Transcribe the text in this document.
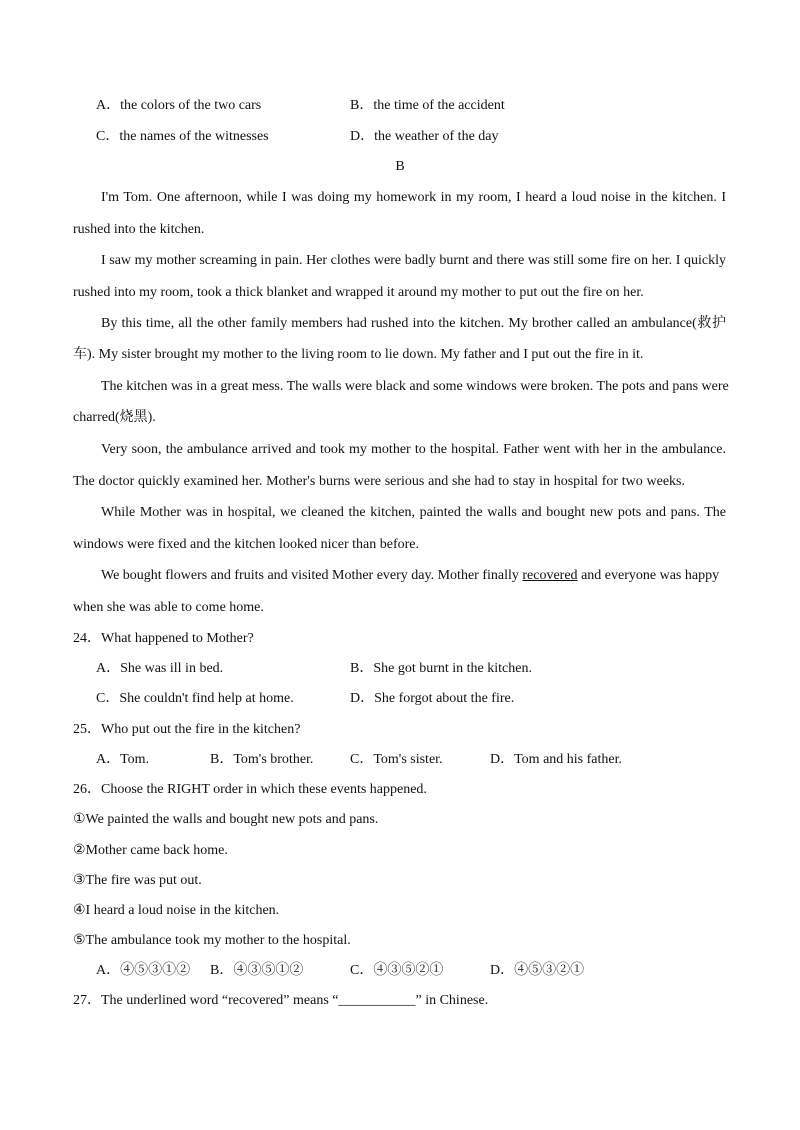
A．the colors of the two cars	B．the time of the accident
C．the names of the witnesses	D．the weather of the day
B
I'm Tom. One afternoon, while I was doing my homework in my room, I heard a loud noise in the kitchen. I
rushed into the kitchen.
I saw my mother screaming in pain. Her clothes were badly burnt and there was still some fire on her. I quickly
rushed into my room, took a thick blanket and wrapped it around my mother to put out the fire on her.
By this time, all the other family members had rushed into the kitchen. My brother called an ambulance(救护
车). My sister brought my mother to the living room to lie down. My father and I put out the fire in it.
The kitchen was in a great mess. The walls were black and some windows were broken. The pots and pans were
charred(烧黑).
Very soon, the ambulance arrived and took my mother to the hospital. Father went with her in the ambulance.
The doctor quickly examined her. Mother's burns were serious and she had to stay in hospital for two weeks.
While Mother was in hospital, we cleaned the kitchen, painted the walls and bought new pots and pans. The
windows were fixed and the kitchen looked nicer than before.
We bought flowers and fruits and visited Mother every day. Mother finally recovered and everyone was happy
when she was able to come home.
24．What happened to Mother?
A．She was ill in bed.	B．She got burnt in the kitchen.
C．She couldn't find help at home.	D．She forgot about the fire.
25．Who put out the fire in the kitchen?
A．Tom.	B．Tom's brother.	C．Tom's sister.	D．Tom and his father.
26．Choose the RIGHT order in which these events happened.
①We painted the walls and bought new pots and pans.
②Mother came back home.
③The fire was put out.
④I heard a loud noise in the kitchen.
⑤The ambulance took my mother to the hospital.
A．④⑤③①② B．④③⑤①②	C．④③⑤②①	D．④⑤③②①
27．The underlined word “recovered” means “___________” in Chinese.
